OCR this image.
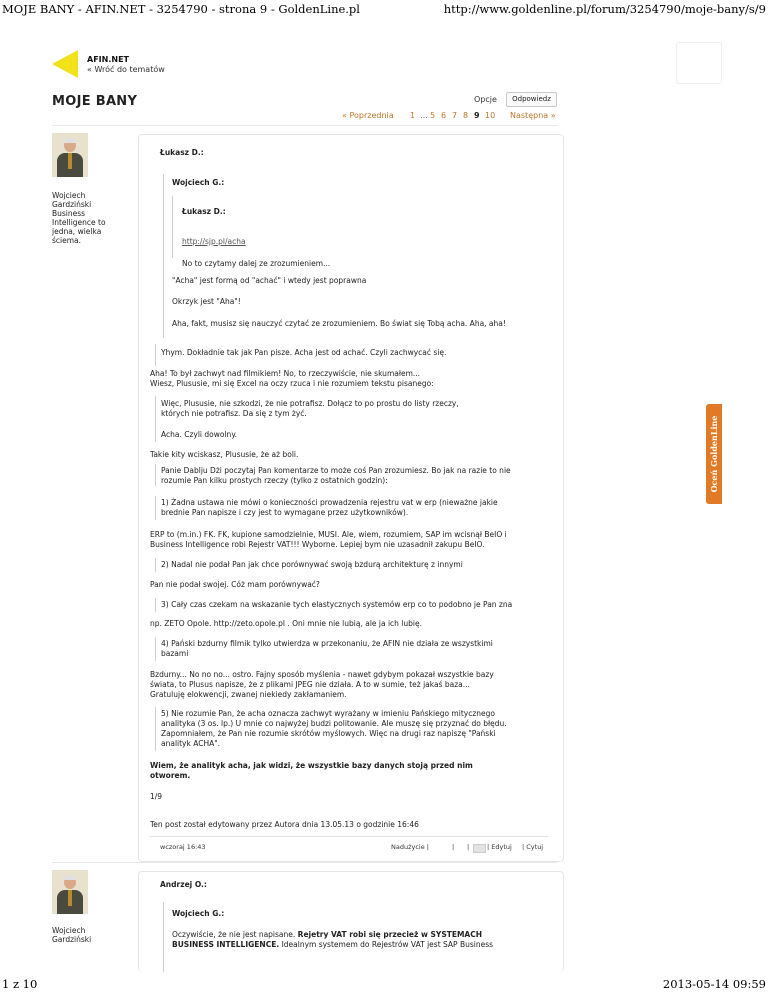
MOJE BANY - AFIN.NET - 3254790 - strona 9 - GoldenLine.pl	http://www.goldenline.pl/forum/3254790/moje-bany/s/9
AFIN.NET
« Wróć do tematów
MOJE BANY	Opcje	Odpowiedz
« Poprzednia 1 … 5 6 7 8 9 10 Następna »
Wojciech
Gardziński
Business
Intelligence to
jedna, wielka
ściema.
Łukasz D.:
Wojciech G.:
Łukasz D.:
http://sjp.pl/acha
No to czytamy dalej ze zrozumieniem...
"Acha" jest formą od "achać" i wtedy jest poprawna
Okrzyk jest "Aha"!
Aha, fakt, musisz się nauczyć czytać ze zrozumieniem. Bo świat się Tobą acha. Aha, aha!
Yhym. Dokładnie tak jak Pan pisze. Acha jest od achać. Czyli zachwycać się.
Aha! To był zachwyt nad filmikiem! No, to rzeczywiście, nie skumałem...
Wiesz, Plususie, mi się Excel na oczy rzuca i nie rozumiem tekstu pisanego:
Więc, Plususie, nie szkodzi, że nie potrafisz. Dołącz to po prostu do listy rzeczy,
których nie potrafisz. Da się z tym żyć.
Acha. Czyli dowolny.
Takie kity wciskasz, Plususie, że aż boli.
Panie Dablju Dżi poczytaj Pan komentarze to może coś Pan zrozumiesz. Bo jak na razie to nie
rozumie Pan kilku prostych rzeczy (tylko z ostatnich godzin):
1) Żadna ustawa nie mówi o konieczności prowadzenia rejestru vat w erp (nieważne jakie
brednie Pan napisze i czy jest to wymagane przez użytkowników).
ERP to (m.in.) FK. FK, kupione samodzielnie, MUSI. Ale, wiem, rozumiem, SAP im wcisnął BeIO i
Business Intelligence robi Rejestr VAT!!! Wyborne. Lepiej bym nie uzasadnił zakupu BeIO.
2) Nadal nie podał Pan jak chce porównywać swoją bzdurą architekturę z innymi
Pan nie podał swojej. Cóż mam porównywać?
3) Cały czas czekam na wskazanie tych elastycznych systemów erp co to podobno je Pan zna
np. ZETO Opole. http://zeto.opole.pl . Oni mnie nie lubią, ale ja ich lubię.
4) Pański bzdurny filmik tylko utwierdza w przekonaniu, że AFIN nie działa ze wszystkimi
bazami
Bzdurny... No no no... ostro. Fajny sposób myślenia - nawet gdybym pokazał wszystkie bazy
świata, to Plusus napisze, że z plikami JPEG nie działa. A to w sumie, też jakaś baza...
Gratuluję elokwencji, zwanej niekiedy zakłamaniem.
5) Nie rozumie Pan, że acha oznacza zachwyt wyrażany w imieniu Pańskiego mitycznego
analityka (3 os. lp.) U mnie co najwyżej budzi politowanie. Ale muszę się przyznać do błędu.
Zapomniałem, że Pan nie rozumie skrótów myślowych. Więc na drugi raz napiszę "Pański
analityk ACHA".
Wiem, że analityk acha, jak widzi, że wszystkie bazy danych stoją przed nim
otworem.
1/9
Ten post został edytowany przez Autora dnia 13.05.13 o godzinie 16:46
wczoraj 16:43	Nadużycie |	| |	| Edytuj | Cytuj
Wojciech
Gardziński
Andrzej O.:
Wojciech G.:
Oczywiście, że nie jest napisane. Rejetry VAT robi się przecież w SYSTEMACH
BUSINESS INTELLIGENCE. Idealnym systemem do Rejestrów VAT jest SAP Business
Oceń GoldenLine
1 z 10	2013-05-14 09:59
